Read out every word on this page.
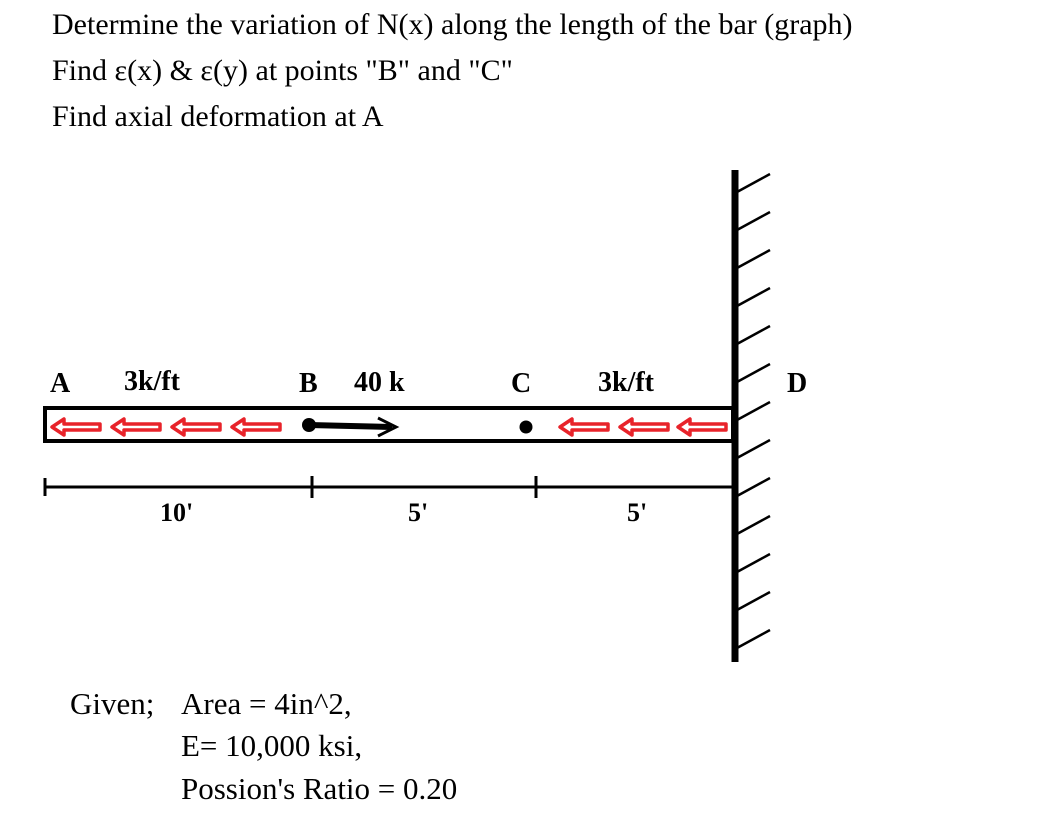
Determine the variation of N(x) along the length of the bar (graph)
Find ε(x) & ε(y) at points "B" and "C"
Find axial deformation at A
A 3k/ft	B 40 k	C 3k/ft	D
10'	5'	5'
Given; Area = 4in^2,
E= 10,000 ksi,
Possion's Ratio = 0.20
